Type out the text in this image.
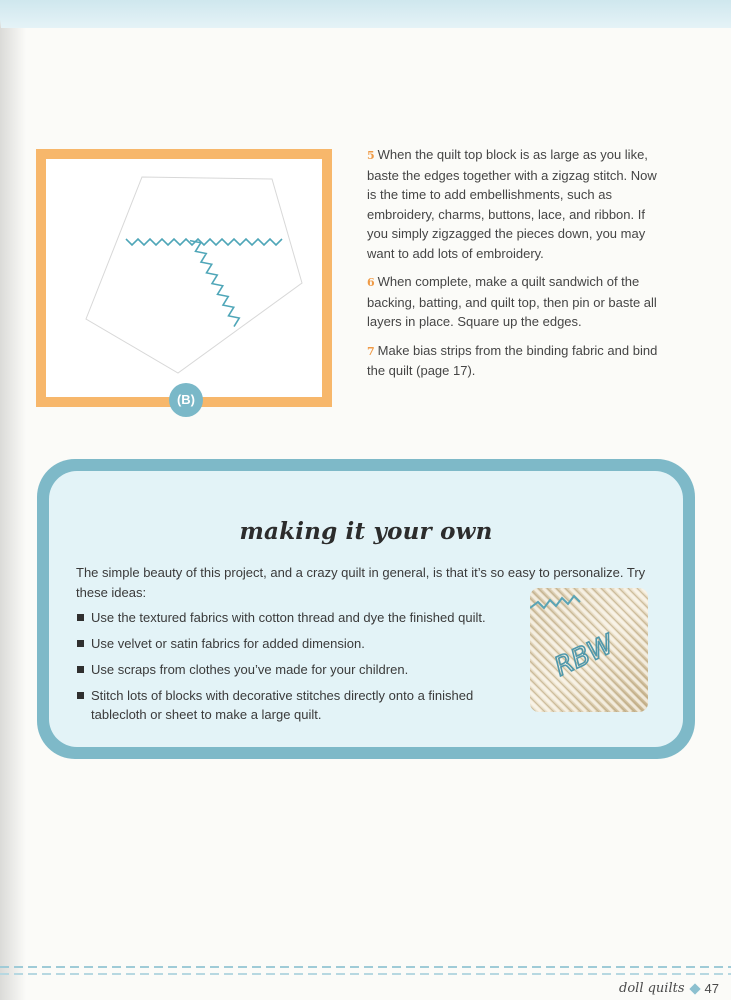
(B)

5 When the quilt top block is as large as you like, baste the edges together with a zigzag stitch. Now is the time to add embellishments, such as embroidery, charms, buttons, lace, and ribbon. If you simply zigzagged the pieces down, you may want to add lots of embroidery.

6 When complete, make a quilt sandwich of the backing, batting, and quilt top, then pin or baste all layers in place. Square up the edges.

7 Make bias strips from the binding fabric and bind the quilt (page 17).

making it your own

The simple beauty of this project, and a crazy quilt in general, is that it’s so easy to personalize. Try these ideas:

Use the textured fabrics with cotton thread and dye the finished quilt.
Use velvet or satin fabrics for added dimension.
Use scraps from clothes you’ve made for your children.
Stitch lots of blocks with decorative stitches directly onto a finished tablecloth or sheet to make a large quilt.
RBW
doll quilts 47
